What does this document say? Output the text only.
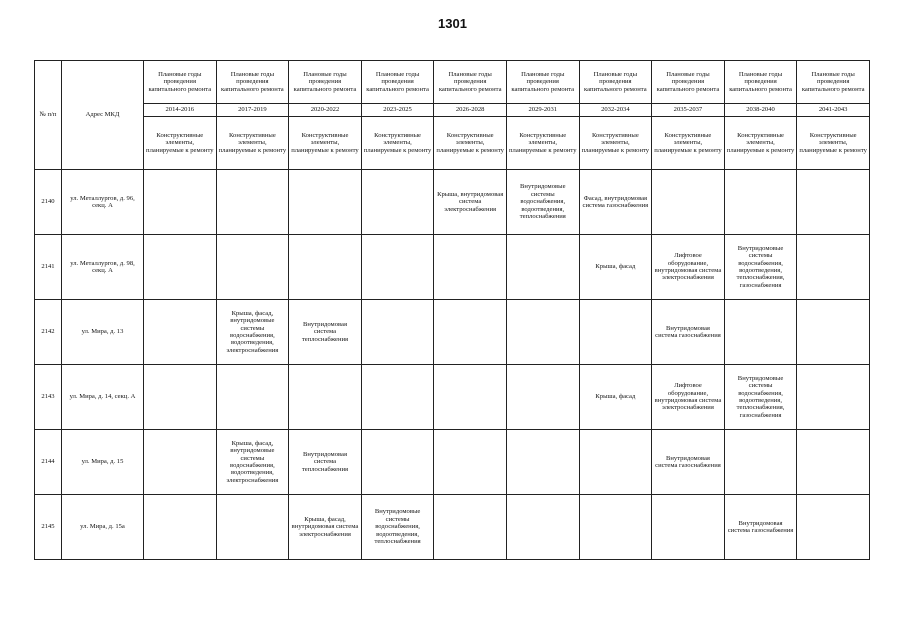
1301
№ п/п	Адрес МКД	Плановые годы проведения капитального ремонта	Плановые годы проведения капитального ремонта	Плановые годы проведения капитального ремонта	Плановые годы проведения капитального ремонта	Плановые годы проведения капитального ремонта	Плановые годы проведения капитального ремонта	Плановые годы проведения капитального ремонта	Плановые годы проведения капитального ремонта	Плановые годы проведения капитального ремонта	Плановые годы проведения капитального ремонта
		2014-2016	2017-2019	2020-2022	2023-2025	2026-2028	2029-2031	2032-2034	2035-2037	2038-2040	2041-2043
		Конструктивные элементы, планируемые к ремонту	Конструктивные элементы, планируемые к ремонту	Конструктивные элементы, планируемые к ремонту	Конструктивные элементы, планируемые к ремонту	Конструктивные элементы, планируемые к ремонту	Конструктивные элементы, планируемые к ремонту	Конструктивные элементы, планируемые к ремонту	Конструктивные элементы, планируемые к ремонту	Конструктивные элементы, планируемые к ремонту	Конструктивные элементы, планируемые к ремонту
2140	ул. Металлургов, д. 96, секц. А					Крыша, внутридомовая система электроснабжения	Внутридомовые системы водоснабжения, водоотведения, теплоснабжения	Фасад, внутридомовая система газоснабжения			
2141	ул. Металлургов, д. 98, секц. А							Крыша, фасад	Лифтовое оборудование, внутридомовая система электроснабжения	Внутридомовые системы водоснабжения, водоотведения, теплоснабжения, газоснабжения	
2142	ул. Мира, д. 13		Крыша, фасад, внутридомовые системы водоснабжения, водоотведения, электроснабжения	Внутридомовая система теплоснабжения					Внутридомовая система газоснабжения		
2143	ул. Мира, д. 14, секц. А							Крыша, фасад	Лифтовое оборудование, внутридомовая система электроснабжения	Внутридомовые системы водоснабжения, водоотведения, теплоснабжения, газоснабжения	
2144	ул. Мира, д. 15		Крыша, фасад, внутридомовые системы водоснабжения, водоотведения, электроснабжения	Внутридомовая система теплоснабжения					Внутридомовая система газоснабжения		
2145	ул. Мира, д. 15а			Крыша, фасад, внутридомовая система электроснабжения	Внутридомовые системы водоснабжения, водоотведения, теплоснабжения					Внутридомовая система газоснабжения	
